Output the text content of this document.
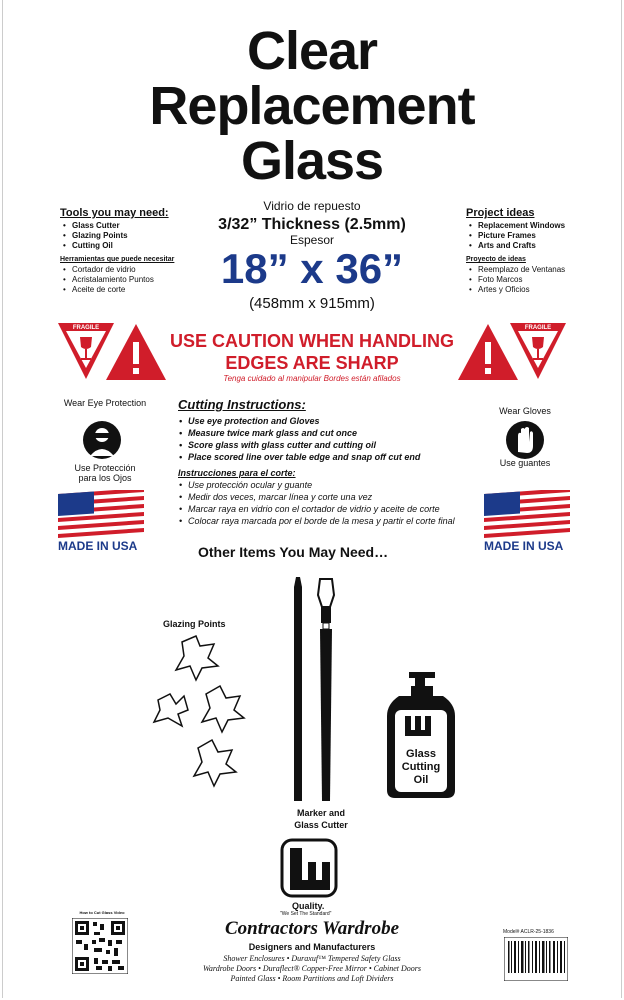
Clear
Replacement
Glass
Vidrio de repuesto
3/32” Thickness (2.5mm)
Espesor
18” x 36”
(458mm x 915mm)
Tools you may need:
• Glass Cutter
• Glazing Points
• Cutting Oil
Herramientas que puede necesitar
• Cortador de vidrio
• Acristalamiento Puntos
• Aceite de corte
Project ideas
• Replacement Windows
• Picture Frames
• Arts and Crafts
Proyecto de ideas
• Reemplazo de Ventanas
• Foto Marcos
• Artes y Oficios
FRAGILE	FRAGILE
USE CAUTION WHEN HANDLING
EDGES ARE SHARP
Tenga cuidado al manipular Bordes están afilados
Wear Eye Protection
Use Protección
para los Ojos
Wear Gloves
Use guantes
Cutting Instructions:
• Use eye protection and Gloves
• Measure twice mark glass and cut once
• Score glass with glass cutter and cutting oil
• Place scored line over table edge and snap off cut end
Instrucciones para el corte:
• Use protección ocular y guante
• Medir dos veces, marcar línea y corte una vez
• Marcar raya en vidrio con el cortador de vidrio y aceite de corte
• Colocar raya marcada por el borde de la mesa y partir el corte final
MADE IN USA	MADE IN USA
Other Items You May Need…
Glazing Points
Marker and
Glass Cutter
Glass
Cutting
Oil
Quality.
"We Set The Standard"
Contractors Wardrobe
Designers and Manufacturers
Shower Enclosures • Duraxuf™ Tempered Safety Glass
Wardrobe Doors • Duraflect® Copper-Free Mirror • Cabinet Doors
Painted Glass • Room Partitions and Loft Dividers
How to Cut Glass Video
Model# ACLR-25-1836
